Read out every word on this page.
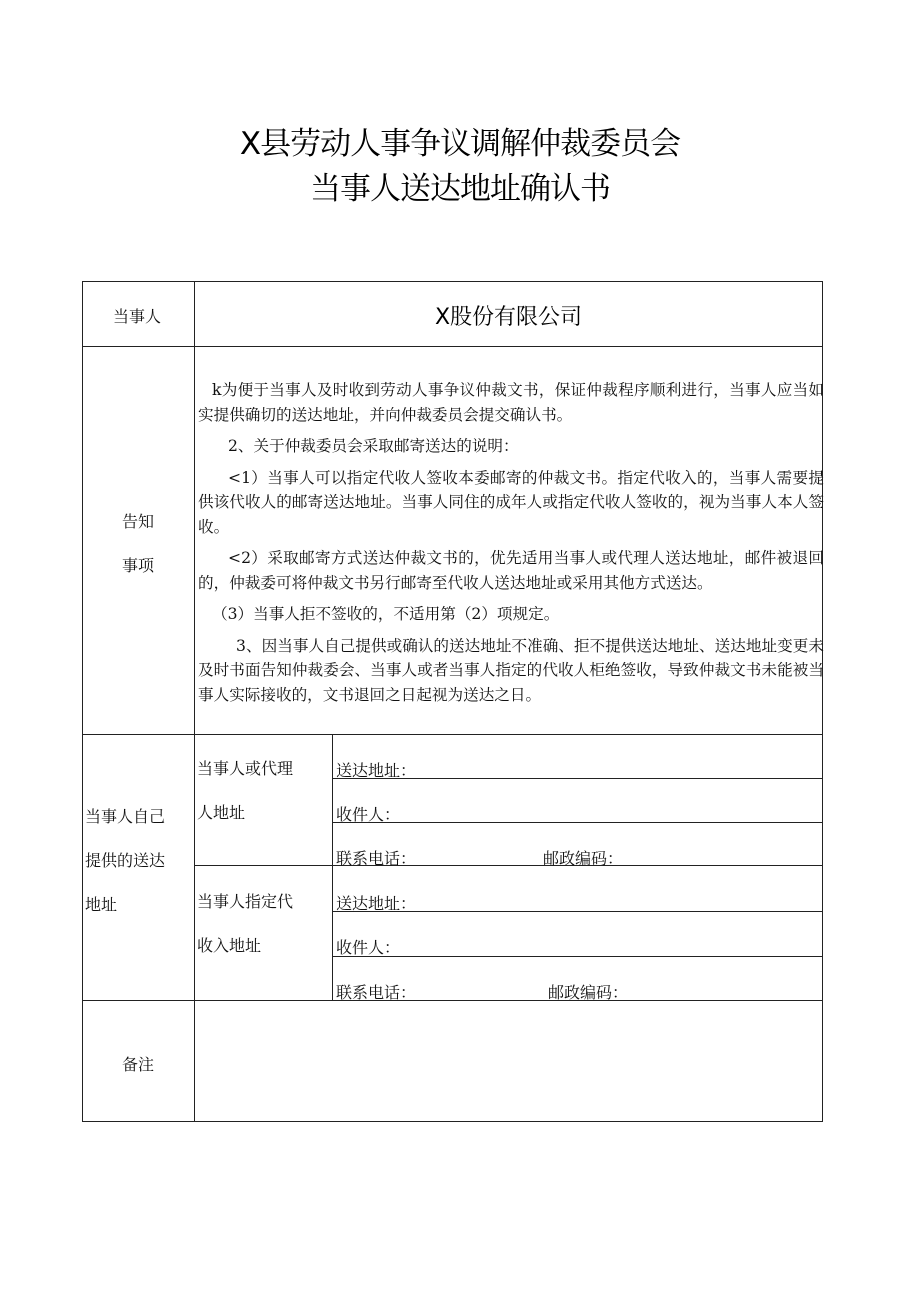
X县劳动人事争议调解仲裁委员会
当事人送达地址确认书
当事人	X股份有限公司
告知
事项

k为便于当事人及时收到劳动人事争议仲裁文书，保证仲裁程序顺利进行，当事人应当如实提供确切的送达地址，并向仲裁委员会提交确认书。

2、关于仲裁委员会采取邮寄送达的说明：

<1）当事人可以指定代收人签收本委邮寄的仲裁文书。指定代收入的，当事人需要提供该代收人的邮寄送达地址。当事人同住的成年人或指定代收人签收的，视为当事人本人签收。

<2）采取邮寄方式送达仲裁文书的，优先适用当事人或代理人送达地址，邮件被退回的，仲裁委可将仲裁文书另行邮寄至代收人送达地址或采用其他方式送达。

（3）当事人拒不签收的，不适用第（2）项规定。

3、因当事人自己提供或确认的送达地址不准确、拒不提供送达地址、送达地址变更未及时书面告知仲裁委会、当事人或者当事人指定的代收人柜绝签收，导致仲裁文书未能被当事人实际接收的，文书退回之日起视为送达之日。

当事人自己
提供的送达
地址
当事人或代理
人地址
送达地址：
收件人：
联系电话：	邮政编码：
当事人指定代
收入地址
送达地址：
收件人：
联系电话：	邮政编码：
备注
